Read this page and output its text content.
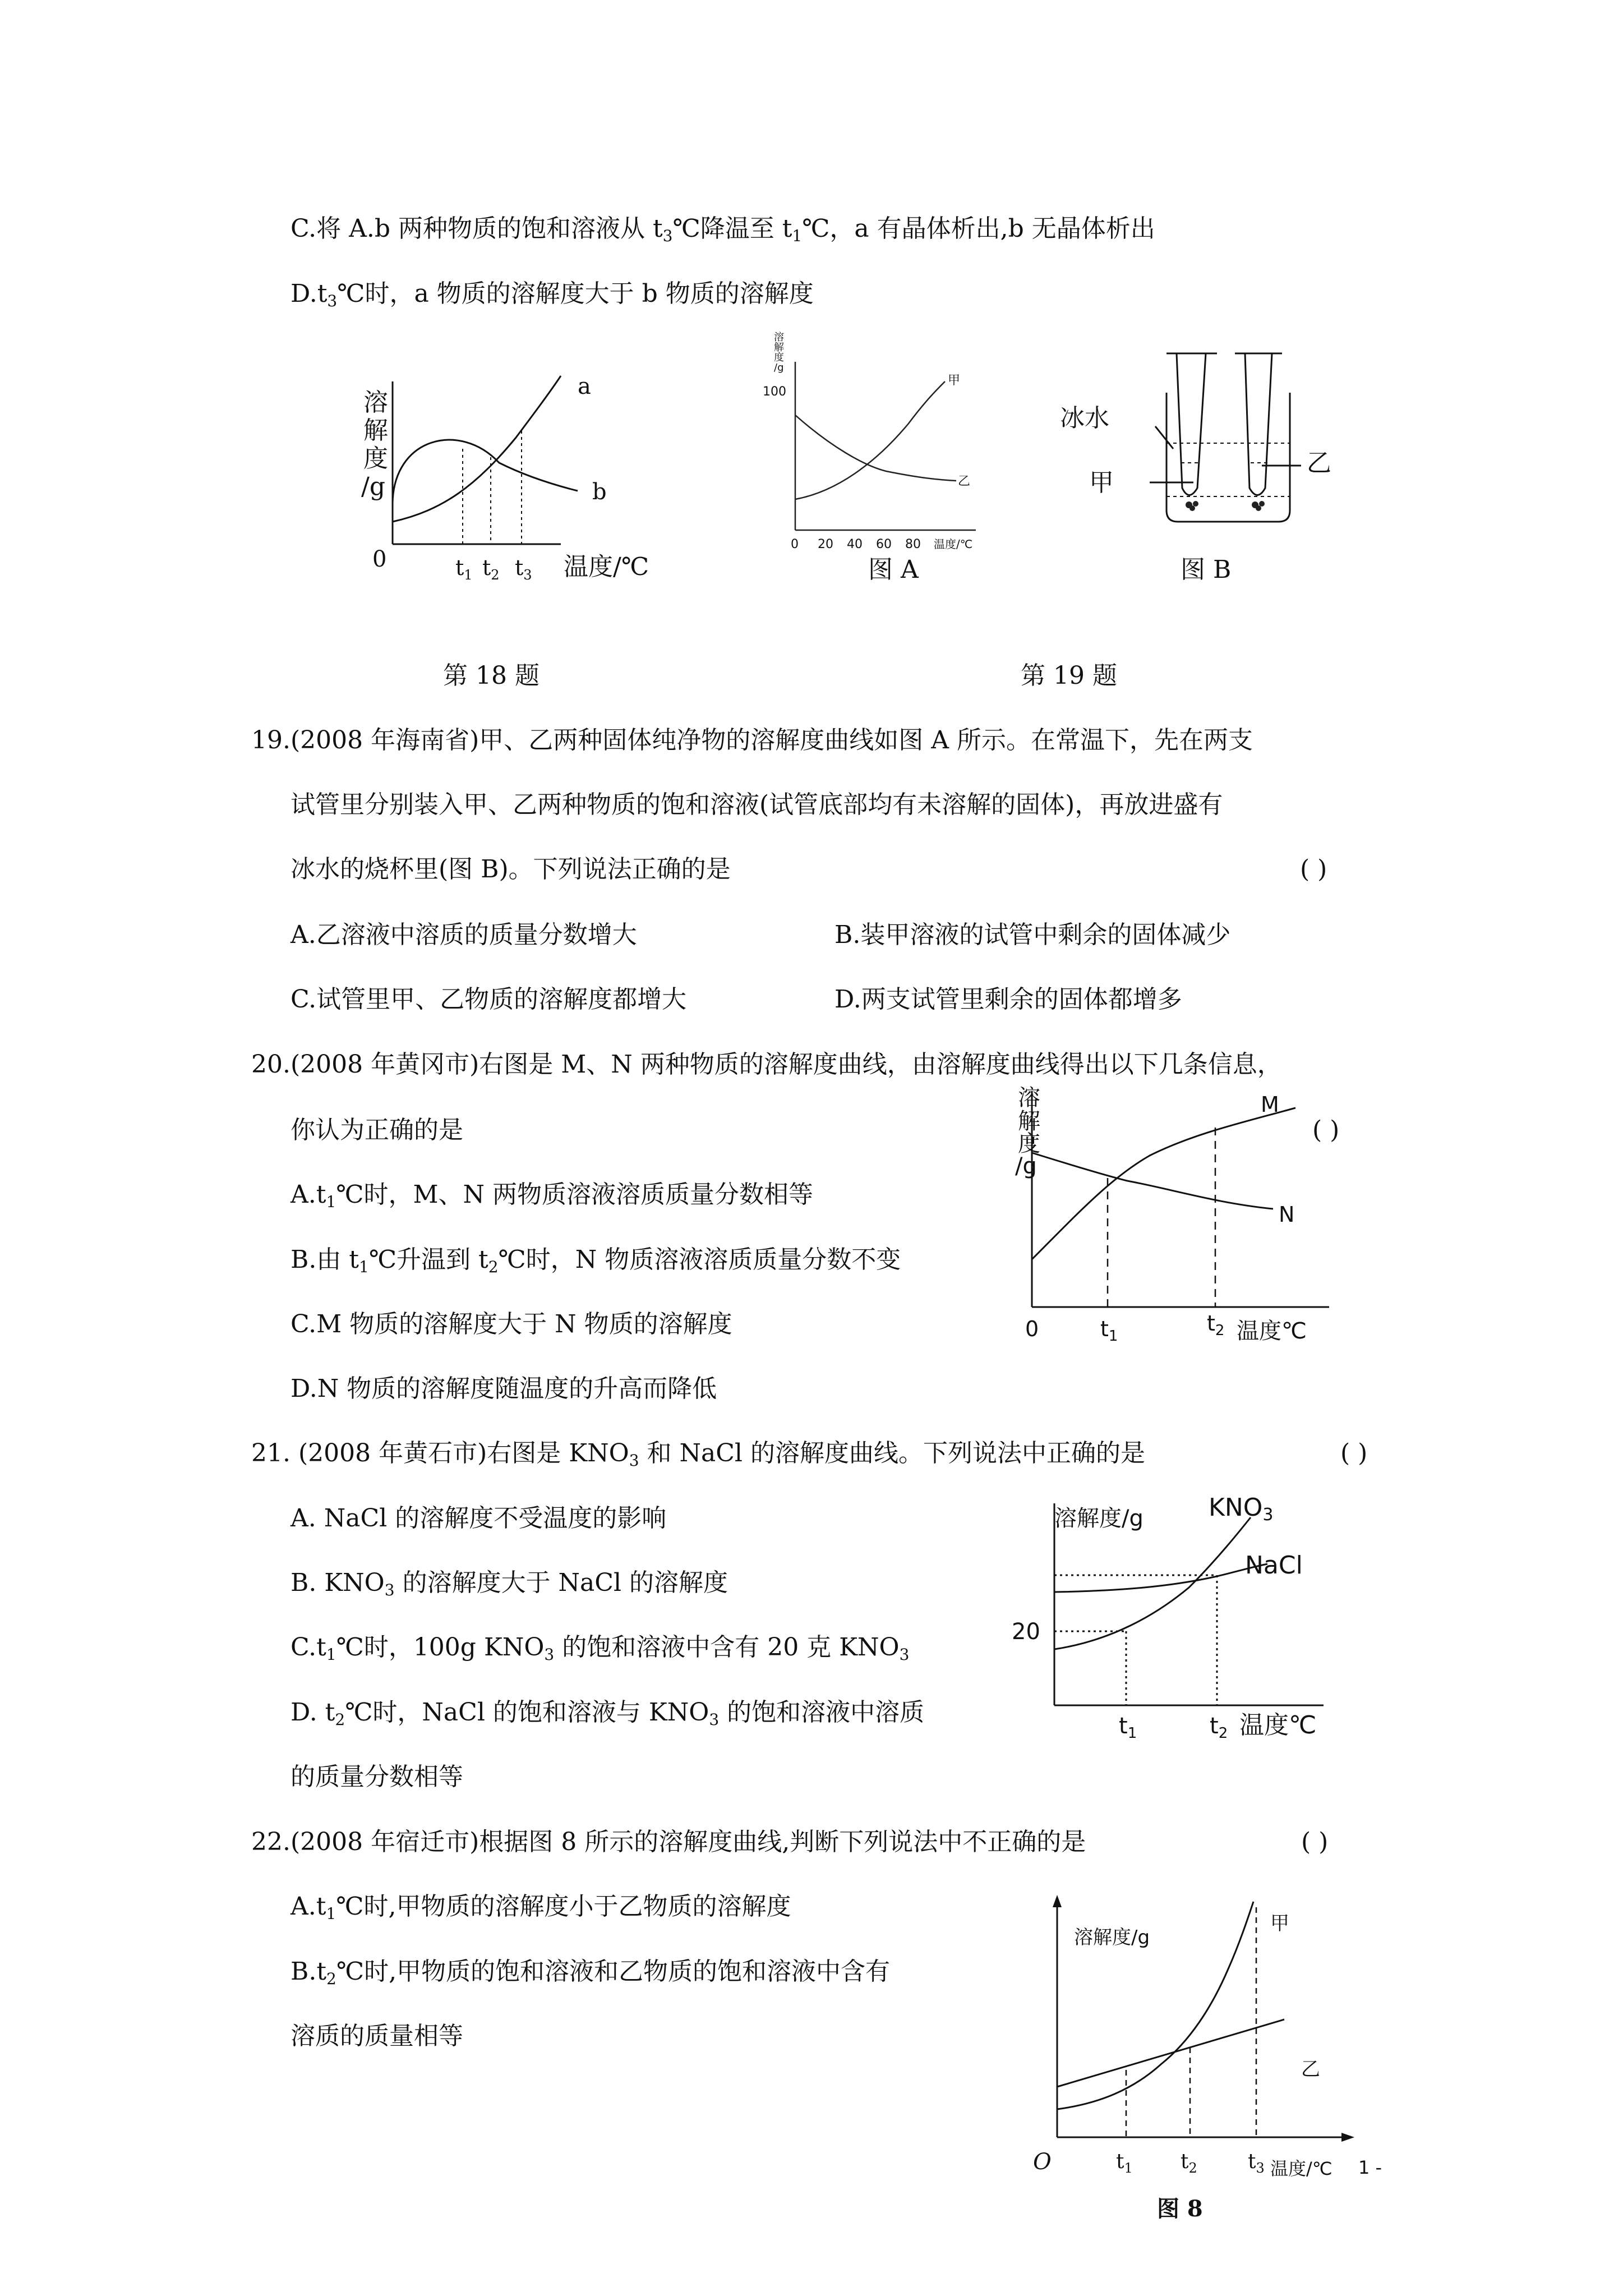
C.将 A.b 两种物质的饱和溶液从 $t_3℃$降温至 $t_1℃$，a 有晶体析出,b 无晶体析出
$D.t_3℃$时，a 物质的溶解度大于 b 物质的溶解度
溶
解
度
/g
0	$t_1$ $t_2$ $t_3$ 温度/℃
a
b
溶
解
度
/g
100
0 20 40 60 80 温度/℃
甲
乙
图 A
冰水
甲
乙
图 B
第 18 题	第 19 题
19.(2008 年海南省)甲、乙两种固体纯净物的溶解度曲线如图 A 所示。在常温下，先在两支
试管里分别装入甲、乙两种物质的饱和溶液(试管底部均有未溶解的固体)，再放进盛有
冰水的烧杯里(图 B)。下列说法正确的是	( )
A.乙溶液中溶质的质量分数增大	B.装甲溶液的试管中剩余的固体减少
C.试管里甲、乙物质的溶解度都增大	D.两支试管里剩余的固体都增多
20.(2008 年黄冈市)右图是 M、N 两种物质的溶解度曲线，由溶解度曲线得出以下几条信息，
你认为正确的是	( )
$A.t_1℃$时，M、N 两物质溶液溶质质量分数相等
B.由 $t_1℃$升温到 $t_2℃$时，N 物质溶液溶质质量分数不变
C.M 物质的溶解度大于 N 物质的溶解度
D.N 物质的溶解度随温度的升高而降低
溶
解
度
/g
M
N
0	$t_1$
$t_2$ 温度℃
21. (2008 年黄石市)右图是 $KNO_3$ 和 NaCl 的溶解度曲线。下列说法中正确的是	( )
A. NaCl 的溶解度不受温度的影响
B. $KNO_3$ 的溶解度大于 NaCl 的溶解度
$C.t_1℃$时，100g $KNO_3$ 的饱和溶液中含有 20 克 $KNO_3$
D. $t_2℃$时，NaCl 的饱和溶液与 $KNO_3$ 的饱和溶液中溶质
的质量分数相等
溶解度/g	KNO3
NaCl
20
$t_1$	$t_2$ 温度℃
22.(2008 年宿迁市)根据图 8 所示的溶解度曲线,判断下列说法中不正确的是	( )
$A.t_1℃$时,甲物质的溶解度小于乙物质的溶解度
$B.t_2℃$时,甲物质的饱和溶液和乙物质的饱和溶液中含有
溶质的质量相等
溶解度/g
甲
乙
O	$t_1$ $t_2$	$t_3$ 温度/℃ 1 -
图 8
